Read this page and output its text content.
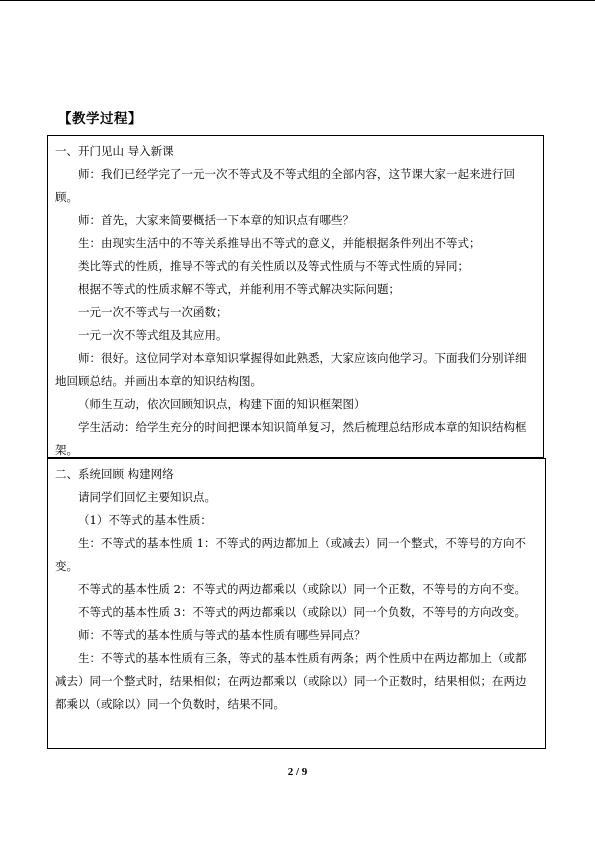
【教学过程】

一、开门见山 导入新课

师：我们已经学完了一元一次不等式及不等式组的全部内容，这节课大家一起来进行回顾。

师：首先，大家来简要概括一下本章的知识点有哪些？

生：由现实生活中的不等关系推导出不等式的意义，并能根据条件列出不等式；

类比等式的性质，推导不等式的有关性质以及等式性质与不等式性质的异同；

根据不等式的性质求解不等式，并能利用不等式解决实际问题；

一元一次不等式与一次函数；

一元一次不等式组及其应用。

师：很好。这位同学对本章知识掌握得如此熟悉，大家应该向他学习。下面我们分别详细地回顾总结。并画出本章的知识结构图。

（师生互动，依次回顾知识点，构建下面的知识框架图）

学生活动：给学生充分的时间把课本知识简单复习，然后梳理总结形成本章的知识结构框架。

二、系统回顾 构建网络

请同学们回忆主要知识点。

（1）不等式的基本性质：

生：不等式的基本性质 1：不等式的两边都加上（或减去）同一个整式，不等号的方向不变。

不等式的基本性质 2：不等式的两边都乘以（或除以）同一个正数，不等号的方向不变。

不等式的基本性质 3：不等式的两边都乘以（或除以）同一个负数，不等号的方向改变。

师：不等式的基本性质与等式的基本性质有哪些异同点？

生：不等式的基本性质有三条，等式的基本性质有两条；两个性质中在两边都加上（或都减去）同一个整式时，结果相似；在两边都乘以（或除以）同一个正数时，结果相似；在两边都乘以（或除以）同一个负数时，结果不同。

2 / 9
